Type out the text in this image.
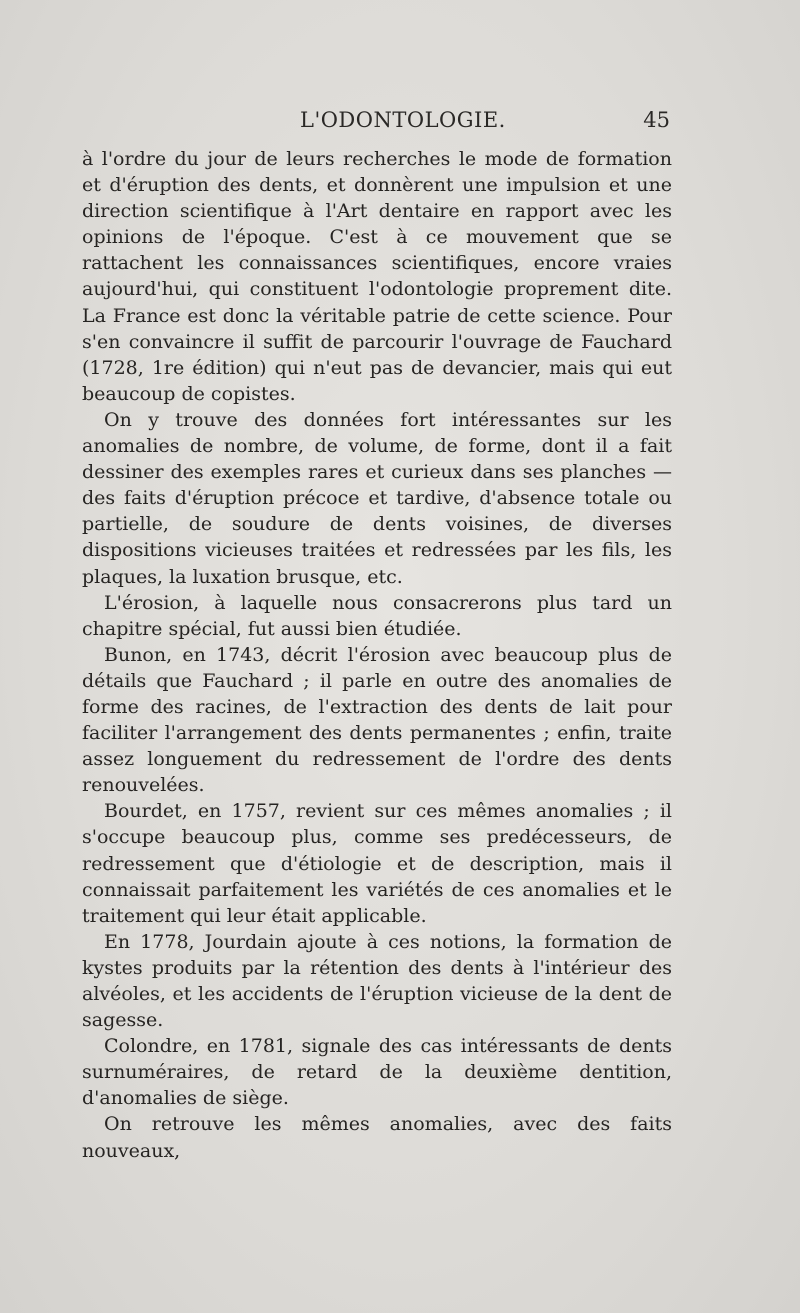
L'ODONTOLOGIE.	45

à l'ordre du jour de leurs recherches le mode de formation et d'éruption des dents, et donnèrent une impulsion et une direction scientifique à l'Art dentaire en rapport avec les opinions de l'époque. C'est à ce mouvement que se rattachent les connaissances scientifiques, encore vraies aujourd'hui, qui constituent l'odontologie proprement dite. La France est donc la véritable patrie de cette science. Pour s'en convaincre il suffit de parcourir l'ouvrage de Fauchard (1728, 1re édition) qui n'eut pas de devancier, mais qui eut beaucoup de copistes.

On y trouve des données fort intéressantes sur les anomalies de nombre, de volume, de forme, dont il a fait dessiner des exemples rares et curieux dans ses planches — des faits d'éruption précoce et tardive, d'absence totale ou partielle, de soudure de dents voisines, de diverses dispositions vicieuses traitées et redressées par les fils, les plaques, la luxation brusque, etc.

L'érosion, à laquelle nous consacrerons plus tard un chapitre spécial, fut aussi bien étudiée.

Bunon, en 1743, décrit l'érosion avec beaucoup plus de détails que Fauchard ; il parle en outre des anomalies de forme des racines, de l'extraction des dents de lait pour faciliter l'arrangement des dents permanentes ; enfin, traite assez longuement du redressement de l'ordre des dents renouvelées.

Bourdet, en 1757, revient sur ces mêmes anomalies ; il s'occupe beaucoup plus, comme ses predécesseurs, de redressement que d'étiologie et de description, mais il connaissait parfaitement les variétés de ces anomalies et le traitement qui leur était applicable.

En 1778, Jourdain ajoute à ces notions, la formation de kystes produits par la rétention des dents à l'intérieur des alvéoles, et les accidents de l'éruption vicieuse de la dent de sagesse.

Colondre, en 1781, signale des cas intéressants de dents surnuméraires, de retard de la deuxième dentition, d'anomalies de siège.

On retrouve les mêmes anomalies, avec des faits nouveaux,
